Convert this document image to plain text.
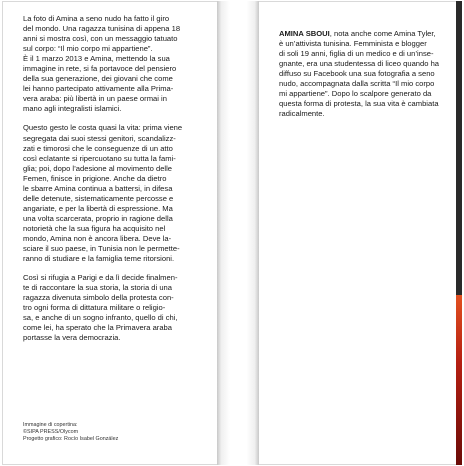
La foto di Amina a seno nudo ha fatto il giro

del mondo. Una ragazza tunisina di appena 18

anni si mostra così, con un messaggio tatuato

sul corpo: “Il mio corpo mi appartiene”.

È il 1 marzo 2013 e Amina, mettendo la sua

immagine in rete, si fa portavoce del pensiero

della sua generazione, dei giovani che come

lei hanno partecipato attivamente alla Prima-

vera araba: più libertà in un paese ormai in

mano agli integralisti islamici.

Questo gesto le costa quasi la vita: prima viene

segregata dai suoi stessi genitori, scandalizz-

zati e timorosi che le conseguenze di un atto

così eclatante si ripercuotano su tutta la fami-

glia; poi, dopo l’adesione al movimento delle

Femen, finisce in prigione. Anche da dietro

le sbarre Amina continua a battersi, in difesa

delle detenute, sistematicamente percosse e

angariate, e per la libertà di espressione. Ma

una volta scarcerata, proprio in ragione della

notorietà che la sua figura ha acquisito nel

mondo, Amina non è ancora libera. Deve la-

sciare il suo paese, in Tunisia non le permette-

ranno di studiare e la famiglia teme ritorsioni.

Così si rifugia a Parigi e da lì decide finalmen-

te di raccontare la sua storia, la storia di una

ragazza divenuta simbolo della protesta con-

tro ogni forma di dittatura militare o religio-

sa, e anche di un sogno infranto, quello di chi,

come lei, ha sperato che la Primavera araba

portasse la vera democrazia.

Immagine di copertina:

©SIPA PRESS/Olycom

Progetto grafico: Rocío Isabel González

AMINA SBOUI, nota anche come Amina Tyler,

è un’attivista tunisina. Femminista e blogger

di soli 19 anni, figlia di un medico e di un’inse-

gnante, era una studentessa di liceo quando ha

diffuso su Facebook una sua fotografia a seno

nudo, accompagnata dalla scritta “Il mio corpo

mi appartiene”. Dopo lo scalpore generato da

questa forma di protesta, la sua vita è cambiata

radicalmente.
